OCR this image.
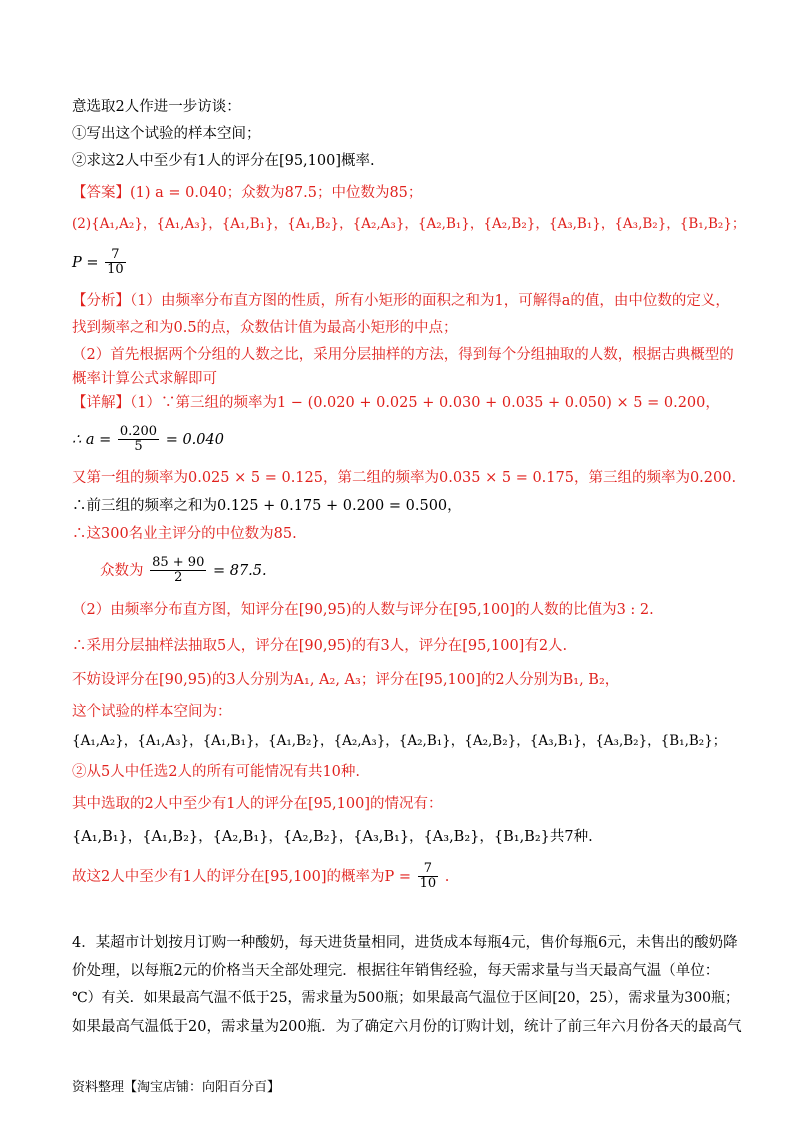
意选取2人作进一步访谈：
①写出这个试验的样本空间；
②求这2人中至少有1人的评分在[95,100]概率.
【答案】(1) a = 0.040；众数为87.5；中位数为85；
(2){A₁,A₂}，{A₁,A₃}，{A₁,B₁}，{A₁,B₂}，{A₂,A₃}，{A₂,B₁}，{A₂,B₂}，{A₃,B₁}，{A₃,B₂}，{B₁,B₂}；
$P = \frac{7}{10}$
【分析】（1）由频率分布直方图的性质，所有小矩形的面积之和为1，可解得a的值，由中位数的定义，
找到频率之和为0.5的点，众数估计值为最高小矩形的中点；
（2）首先根据两个分组的人数之比，采用分层抽样的方法，得到每个分组抽取的人数，根据古典概型的
概率计算公式求解即可
【详解】（1）∵第三组的频率为1 − (0.020 + 0.025 + 0.030 + 0.035 + 0.050) × 5 = 0.200，
∴ $a = \frac{0.200}{5} = 0.040$
又第一组的频率为0.025 × 5 = 0.125，第二组的频率为0.035 × 5 = 0.175，第三组的频率为0.200.
∴前三组的频率之和为0.125 + 0.175 + 0.200 = 0.500，
∴这300名业主评分的中位数为85.
众数为 $\frac{85 + 90}{2} = 87.5$.
（2）由频率分布直方图，知评分在[90,95)的人数与评分在[95,100]的人数的比值为3 : 2.
∴采用分层抽样法抽取5人，评分在[90,95)的有3人，评分在[95,100]有2人.
不妨设评分在[90,95)的3人分别为A₁, A₂, A₃；评分在[95,100]的2人分别为B₁, B₂，
这个试验的样本空间为：
{A₁,A₂}，{A₁,A₃}，{A₁,B₁}，{A₁,B₂}，{A₂,A₃}，{A₂,B₁}，{A₂,B₂}，{A₃,B₁}，{A₃,B₂}，{B₁,B₂}；
②从5人中任选2人的所有可能情况有共10种.
其中选取的2人中至少有1人的评分在[95,100]的情况有：
{A₁,B₁}，{A₁,B₂}，{A₂,B₁}，{A₂,B₂}，{A₃,B₁}，{A₃,B₂}，{B₁,B₂}共7种.
故这2人中至少有1人的评分在[95,100]的概率为$P = \frac{7}{10}$ .
4．某超市计划按月订购一种酸奶，每天进货量相同，进货成本每瓶4元，售价每瓶6元，未售出的酸奶降
价处理，以每瓶2元的价格当天全部处理完．根据往年销售经验，每天需求量与当天最高气温（单位：
℃）有关．如果最高气温不低于25，需求量为500瓶；如果最高气温位于区间[20，25），需求量为300瓶；
如果最高气温低于20，需求量为200瓶．为了确定六月份的订购计划，统计了前三年六月份各天的最高气
资料整理【淘宝店铺：向阳百分百】
